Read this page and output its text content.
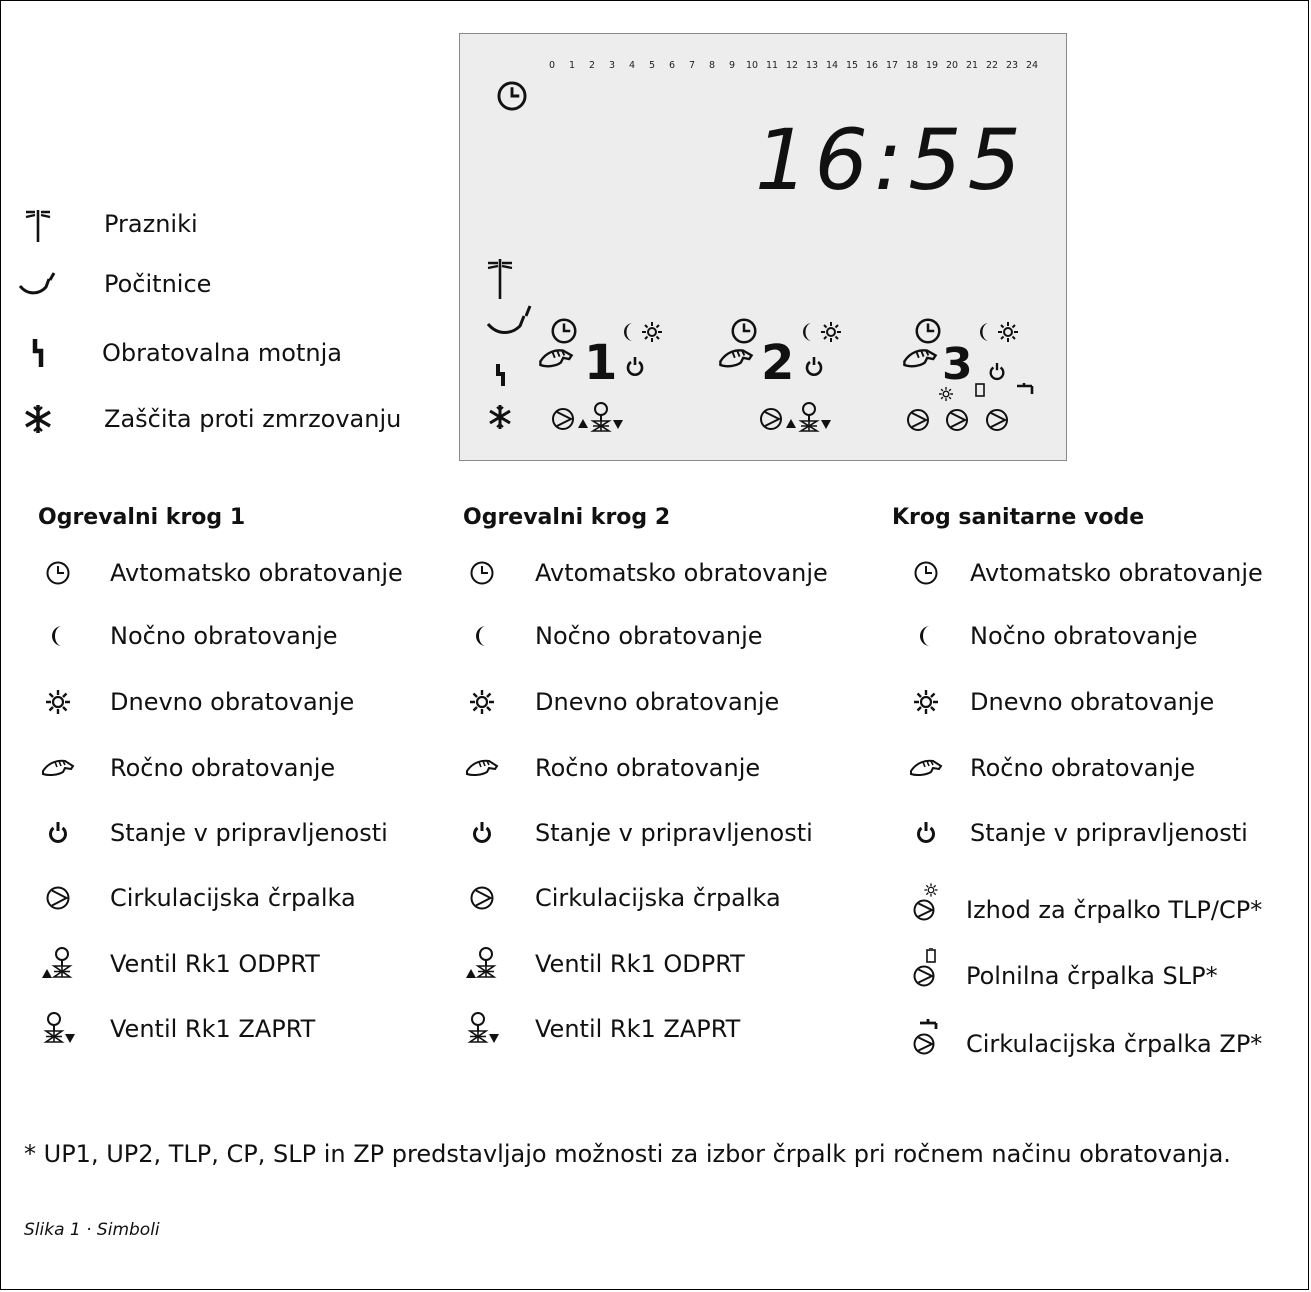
0 1 2 3 4 5 6 7 8 9 10 11 12 13 14 15 16 17 18 19 20 21 22 23 24
16:55
1	2	3
Prazniki
Počitnice
Obratovalna motnja
Zaščita proti zmrzovanju
Ogrevalni krog 1
Avtomatsko obratovanje
Nočno obratovanje
Dnevno obratovanje
Ročno obratovanje
Stanje v pripravljenosti
Cirkulacijska črpalka
Ventil Rk1 ODPRT
Ventil Rk1 ZAPRT
Ogrevalni krog 2
Avtomatsko obratovanje
Nočno obratovanje
Dnevno obratovanje
Ročno obratovanje
Stanje v pripravljenosti
Cirkulacijska črpalka
Ventil Rk1 ODPRT
Ventil Rk1 ZAPRT
Krog sanitarne vode
Avtomatsko obratovanje
Nočno obratovanje
Dnevno obratovanje
Ročno obratovanje
Stanje v pripravljenosti
Izhod za črpalko TLP/CP*
Polnilna črpalka SLP*
Cirkulacijska črpalka ZP*
* UP1, UP2, TLP, CP, SLP in ZP predstavljajo možnosti za izbor črpalk pri ročnem načinu obratovanja.
Slika 1 · Simboli
